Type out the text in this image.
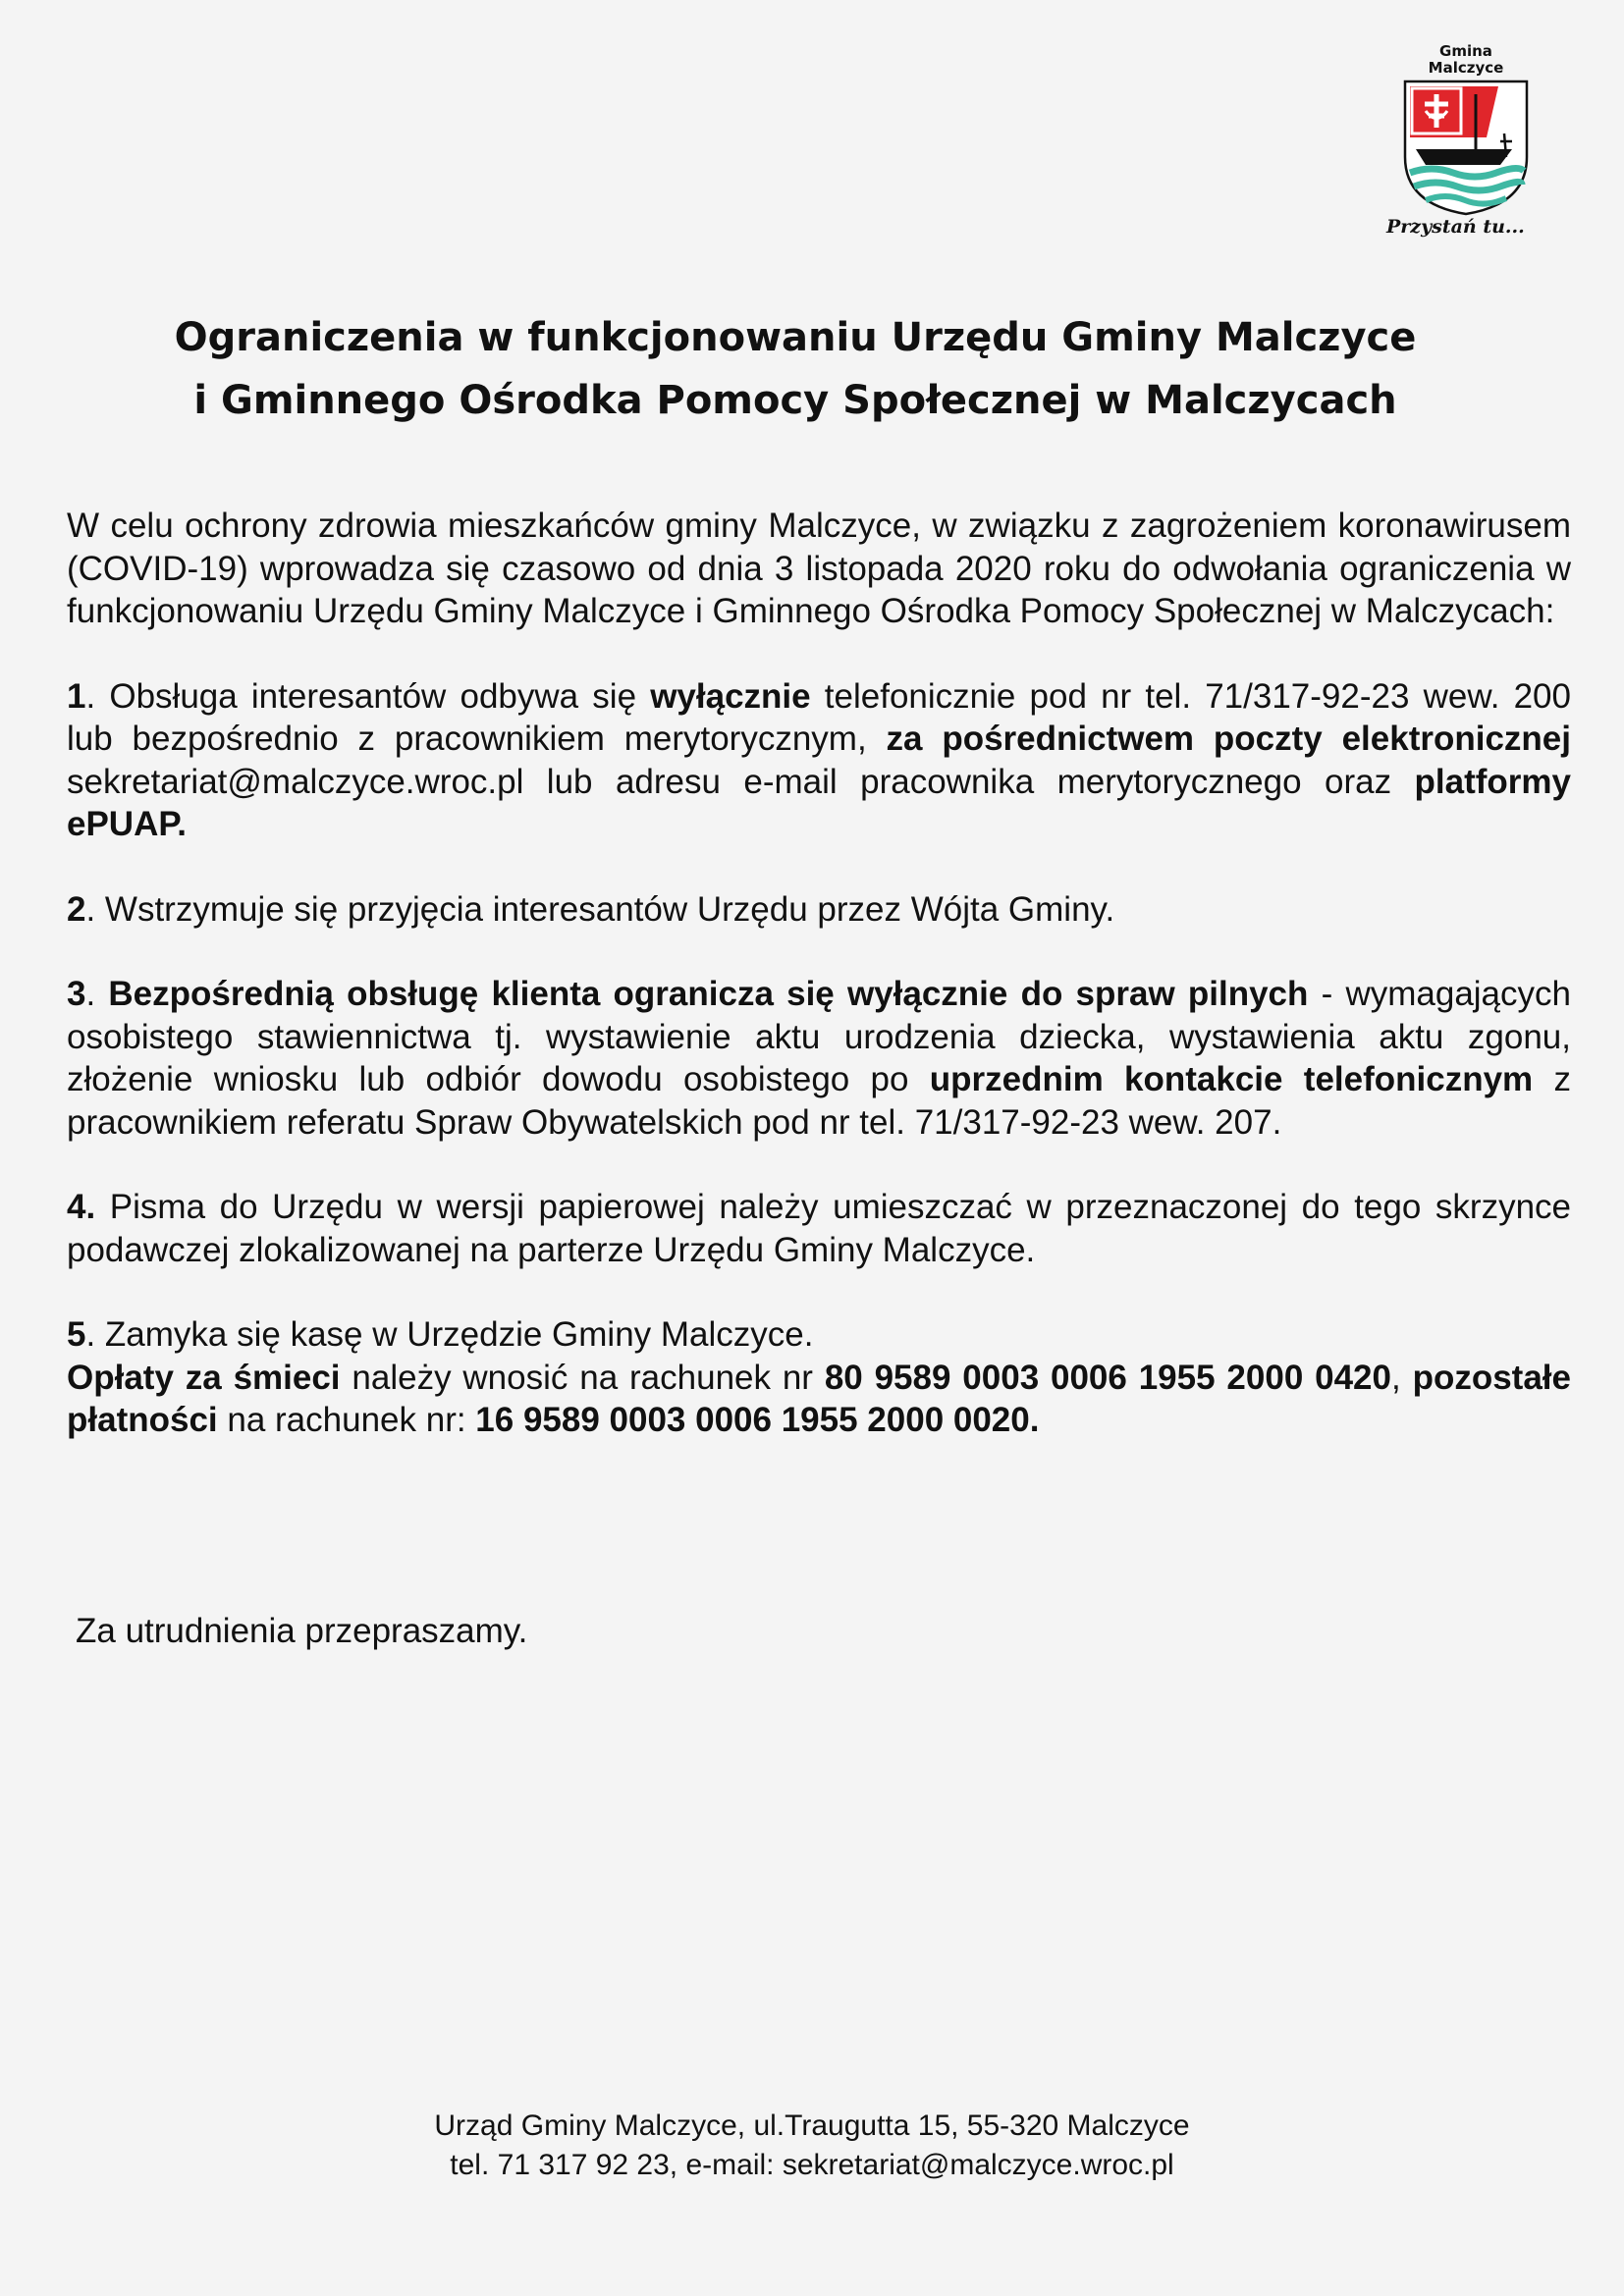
Gmina
Malczyce
Przystań tu...
Ograniczenia w funkcjonowaniu Urzędu Gminy Malczyce
i Gminnego Ośrodka Pomocy Społecznej w Malczycach

W celu ochrony zdrowia mieszkańców gminy Malczyce, w związku z zagrożeniem koronawirusem (COVID-19) wprowadza się czasowo od dnia 3 listopada 2020 roku do odwołania ograniczenia w funkcjonowaniu Urzędu Gminy Malczyce i Gminnego Ośrodka Pomocy Społecznej w Malczycach:

1. Obsługa interesantów odbywa się wyłącznie telefonicznie pod nr tel. 71/317-92-23 wew. 200 lub bezpośrednio z pracownikiem merytorycznym, za pośrednictwem poczty elektronicznej sekretariat@malczyce.wroc.pl lub adresu e-mail pracownika merytorycznego oraz platformy ePUAP.

2. Wstrzymuje się przyjęcia interesantów Urzędu przez Wójta Gminy.

3. Bezpośrednią obsługę klienta ogranicza się wyłącznie do spraw pilnych - wymagających osobistego stawiennictwa tj. wystawienie aktu urodzenia dziecka, wystawienia aktu zgonu, złożenie wniosku lub odbiór dowodu osobistego po uprzednim kontakcie telefonicznym z pracownikiem referatu Spraw Obywatelskich pod nr tel. 71/317-92-23 wew. 207.

4. Pisma do Urzędu w wersji papierowej należy umieszczać w przeznaczonej do tego skrzynce podawczej zlokalizowanej na parterze Urzędu Gminy Malczyce.

5. Zamyka się kasę w Urzędzie Gminy Malczyce.
Opłaty za śmieci należy wnosić na rachunek nr 80 9589 0003 0006 1955 2000 0420, pozostałe płatności na rachunek nr: 16 9589 0003 0006 1955 2000 0020.

Za utrudnienia przepraszamy.

Urząd Gminy Malczyce, ul.Traugutta 15, 55-320 Malczyce
tel. 71 317 92 23, e-mail: sekretariat@malczyce.wroc.pl
